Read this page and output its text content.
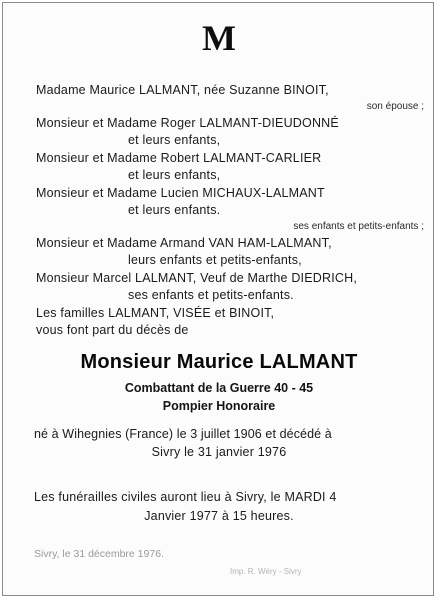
M
Madame Maurice LALMANT, née Suzanne BINOIT,
son épouse ;
Monsieur et Madame Roger LALMANT-DIEUDONNÉ
et leurs enfants,
Monsieur et Madame Robert LALMANT-CARLIER
et leurs enfants,
Monsieur et Madame Lucien MICHAUX-LALMANT
et leurs enfants.
ses enfants et petits-enfants ;
Monsieur et Madame Armand VAN HAM-LALMANT,
leurs enfants et petits-enfants,
Monsieur Marcel LALMANT, Veuf de Marthe DIEDRICH,
ses enfants et petits-enfants.
Les familles LALMANT, VISÉE et BINOIT,
vous font part du décès de
Monsieur Maurice LALMANT
Combattant de la Guerre 40 - 45
Pompier Honoraire
né à Wihegnies (France) le 3 juillet 1906 et décédé à
Sivry le 31 janvier 1976
Les funérailles civiles auront lieu à Sivry, le MARDI 4
Janvier 1977 à 15 heures.
Sivry, le 31 décembre 1976.
Imp. R. Wéry - Sivry
